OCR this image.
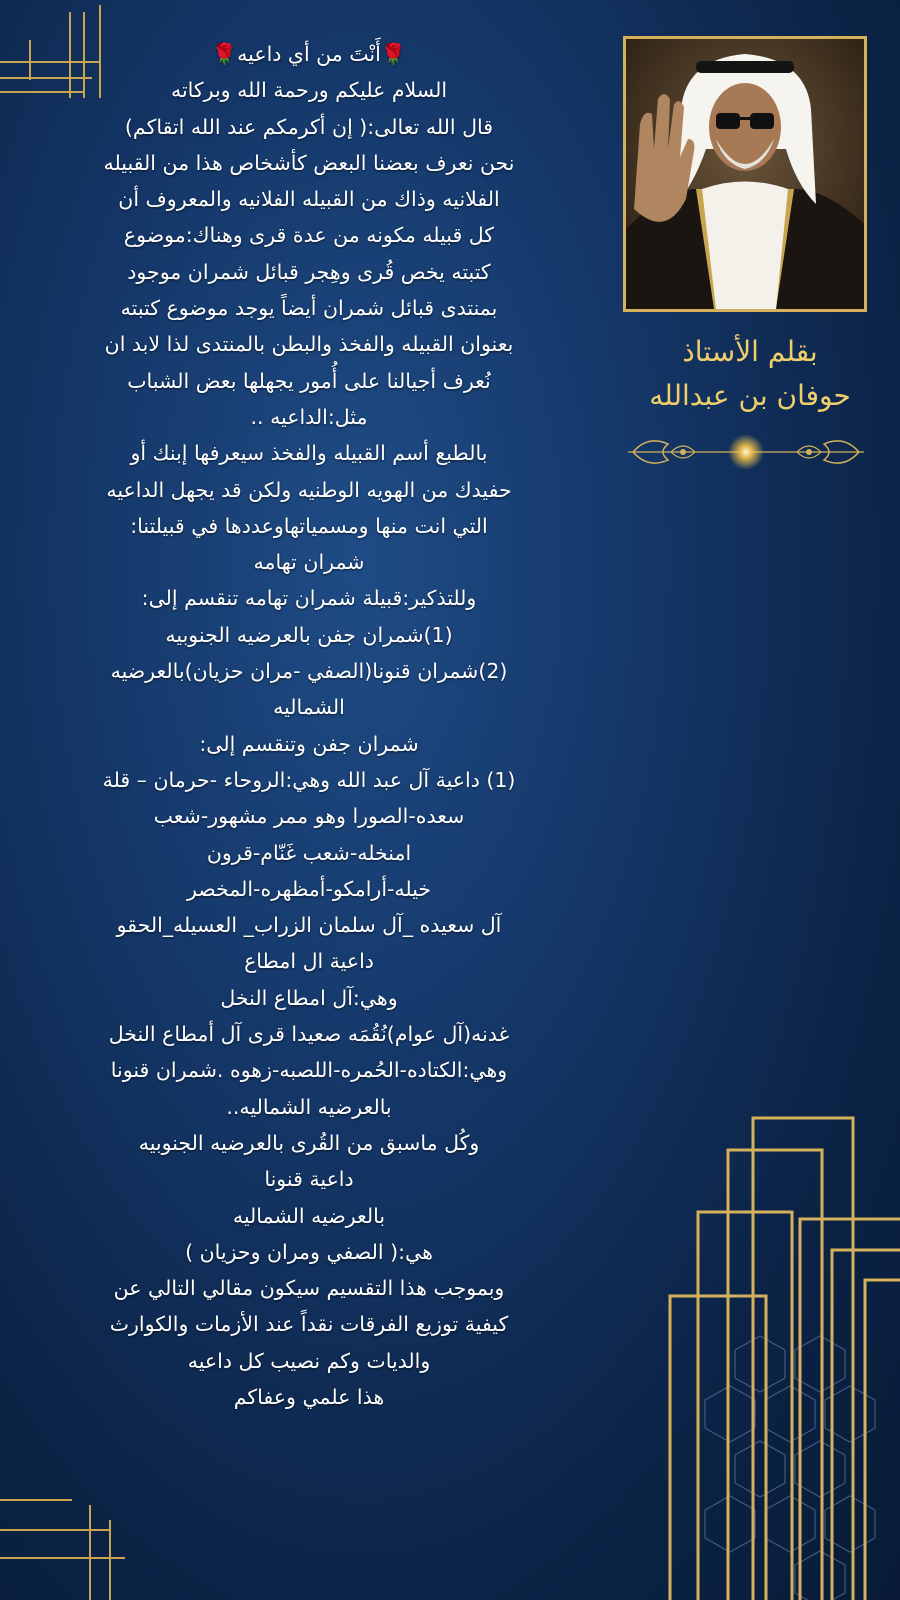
بقلم الأستاذ
حوفان بن عبدالله

🌹أَنْتَ من أي داعيه🌹

السلام عليكم ورحمة الله وبركاته

قال الله تعالى:( إن أكرمكم عند الله اتقاكم)

نحن نعرف بعضنا البعض كأشخاص هذا من القبيله

الفلانيه وذاك من القبيله الفلانيه والمعروف أن

كل قبيله مكونه من عدة قرى وهناك:موضوع

كتبته يخص قُرى وهِجر قبائل شمران موجود

بمنتدى قبائل شمران أيضاً يوجد موضوع كتبته

بعنوان القبيله والفخذ والبطن بالمنتدى لذا لابد ان

نُعرف أجيالنا على أُمور يجهلها بعض الشباب

مثل:الداعيه ..

بالطبع أسم القبيله والفخذ سيعرفها إبنك أو

حفيدك من الهويه الوطنيه ولكن قد يجهل الداعيه

التي انت منها ومسمياتهاوعددها في قبيلتنا:

شمران تهامه

وللتذكير:قبيلة شمران تهامه تنقسم إلى:

(1)شمران جفن بالعرضيه الجنوبيه

(2)شمران قنونا(الصفي -مران حزيان)بالعرضيه

الشماليه

شمران جفن وتنقسم إلى:

(1) داعية آل عبد الله وهي:الروحاء -حرمان – قلة

سعده-الصورا وهو ممر مشهور-شعب

امنخله-شعب غَنّام-قرون

خيله-أرامكو-أمظهره-المخصر

آل سعيده _آل سلمان الزراب_ العسيله_الحقو

داعية ال امطاع

وهي:آل امطاع النخل

غدنه(آل عوام)نُقُمَه صعيدا قرى آل أمطاع النخل

وهي:الكتاده-الحُمره-اللصبه-زهوه .شمران قنونا

بالعرضيه الشماليه..

وكُل ماسبق من القُرى بالعرضيه الجنوبيه

داعية قنونا

بالعرضيه الشماليه

هي:( الصفي ومران وحزيان )

وبموجب هذا التقسيم سيكون مقالي التالي عن

كيفية توزيع الفرقات نقداً عند الأزمات والكوارث

والديات وكم نصيب كل داعيه

هذا علمي وعفاكم
